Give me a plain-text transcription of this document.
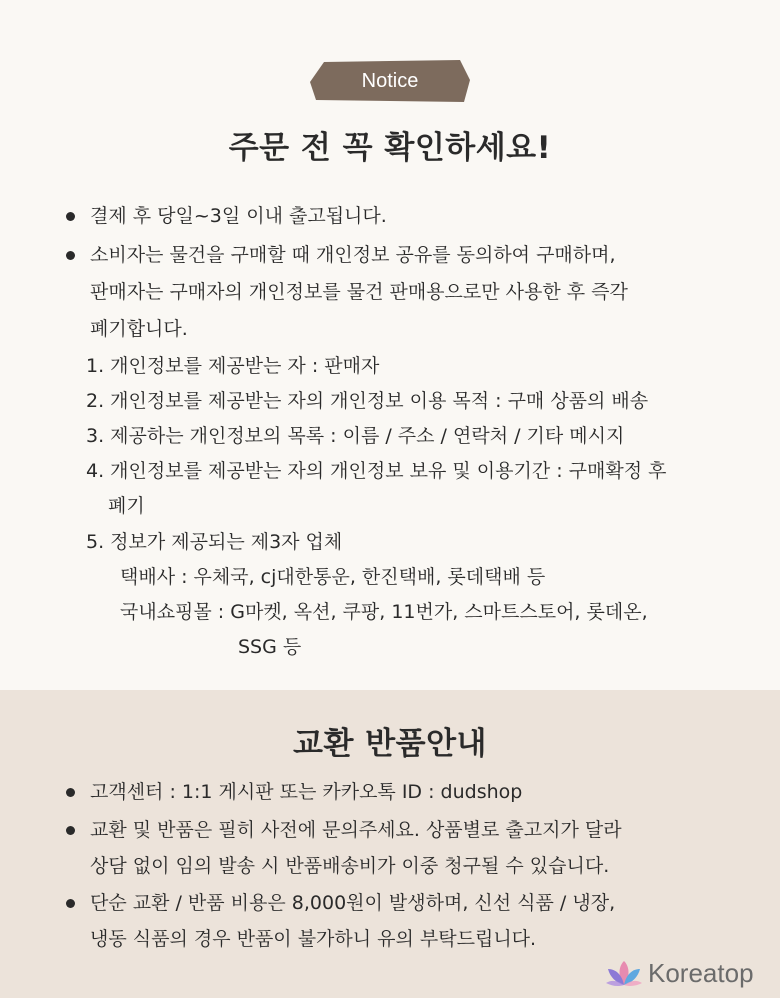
Notice
주문 전 꼭 확인하세요!
결제 후 당일~3일 이내 출고됩니다.
소비자는 물건을 구매할 때 개인정보 공유를 동의하여 구매하며,
판매자는 구매자의 개인정보를 물건 판매용으로만 사용한 후 즉각
폐기합니다.
1. 개인정보를 제공받는 자 : 판매자
2. 개인정보를 제공받는 자의 개인정보 이용 목적 : 구매 상품의 배송
3. 제공하는 개인정보의 목록 : 이름 / 주소 / 연락처 / 기타 메시지
4. 개인정보를 제공받는 자의 개인정보 보유 및 이용기간 : 구매확정 후
폐기
5. 정보가 제공되는 제3자 업체
택배사 : 우체국, cj대한통운, 한진택배, 롯데택배 등
국내쇼핑몰 : G마켓, 옥션, 쿠팡, 11번가, 스마트스토어, 롯데온,
SSG 등
교환 반품안내
고객센터 : 1:1 게시판 또는 카카오톡 ID : dudshop
교환 및 반품은 필히 사전에 문의주세요. 상품별로 출고지가 달라
상담 없이 임의 발송 시 반품배송비가 이중 청구될 수 있습니다.
단순 교환 / 반품 비용은 8,000원이 발생하며, 신선 식품 / 냉장,
냉동 식품의 경우 반품이 불가하니 유의 부탁드립니다.
Koreatop
